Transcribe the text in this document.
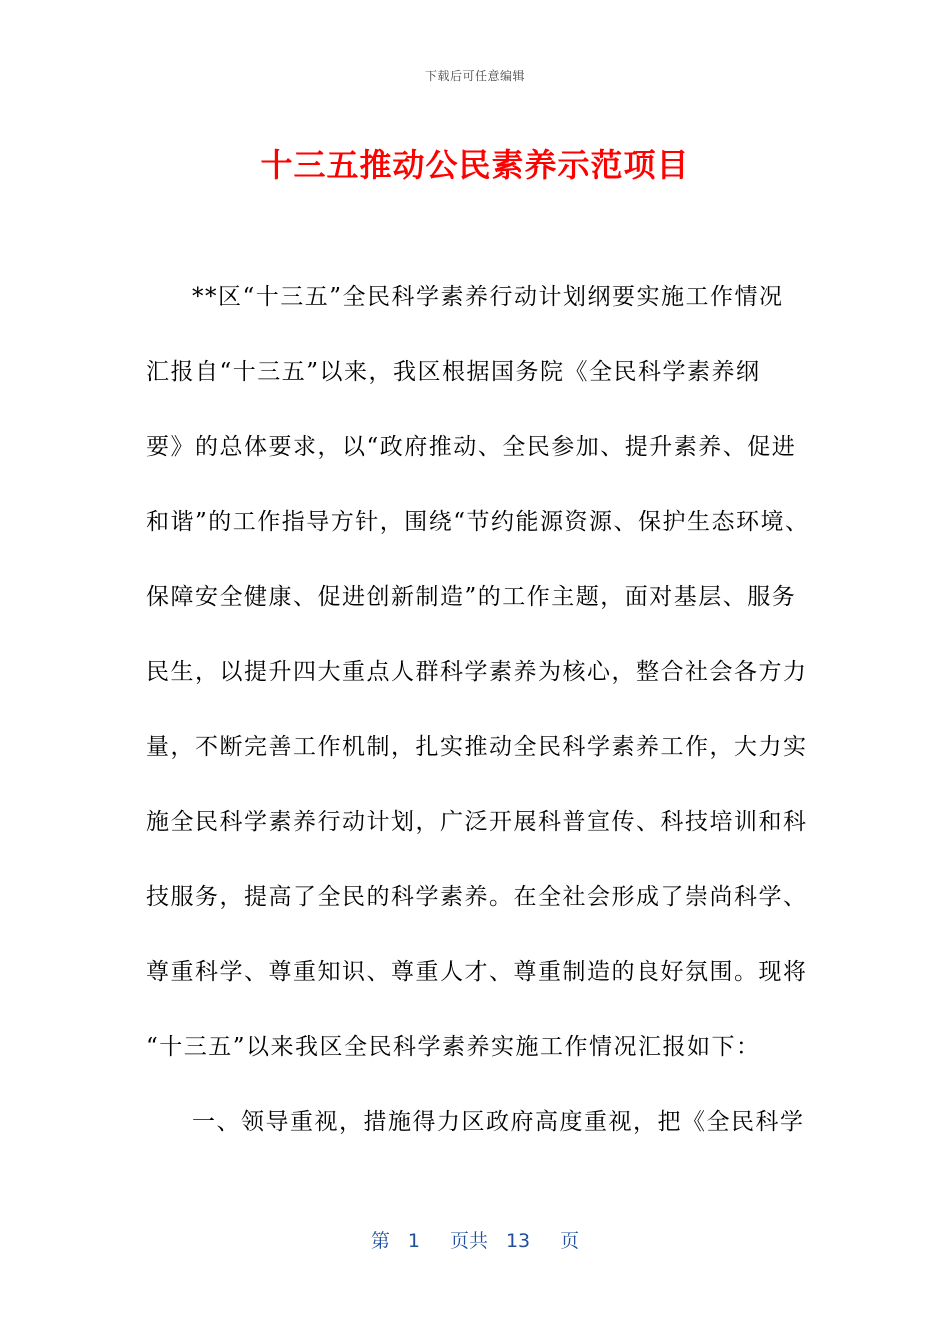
下载后可任意编辑
十三五推动公民素养示范项目
**区“十三五”全民科学素养行动计划纲要实施工作情况
汇报自“十三五”以来，我区根据国务院《全民科学素养纲
要》的总体要求，以“政府推动、全民参加、提升素养、促进
和谐”的工作指导方针，围绕“节约能源资源、保护生态环境、
保障安全健康、促进创新制造”的工作主题，面对基层、服务
民生，以提升四大重点人群科学素养为核心，整合社会各方力
量，不断完善工作机制，扎实推动全民科学素养工作，大力实
施全民科学素养行动计划，广泛开展科普宣传、科技培训和科
技服务，提高了全民的科学素养。在全社会形成了崇尚科学、
尊重科学、尊重知识、尊重人才、尊重制造的良好氛围。现将
“十三五”以来我区全民科学素养实施工作情况汇报如下：
一、领导重视，措施得力区政府高度重视，把《全民科学
第 1 页共 13 页
